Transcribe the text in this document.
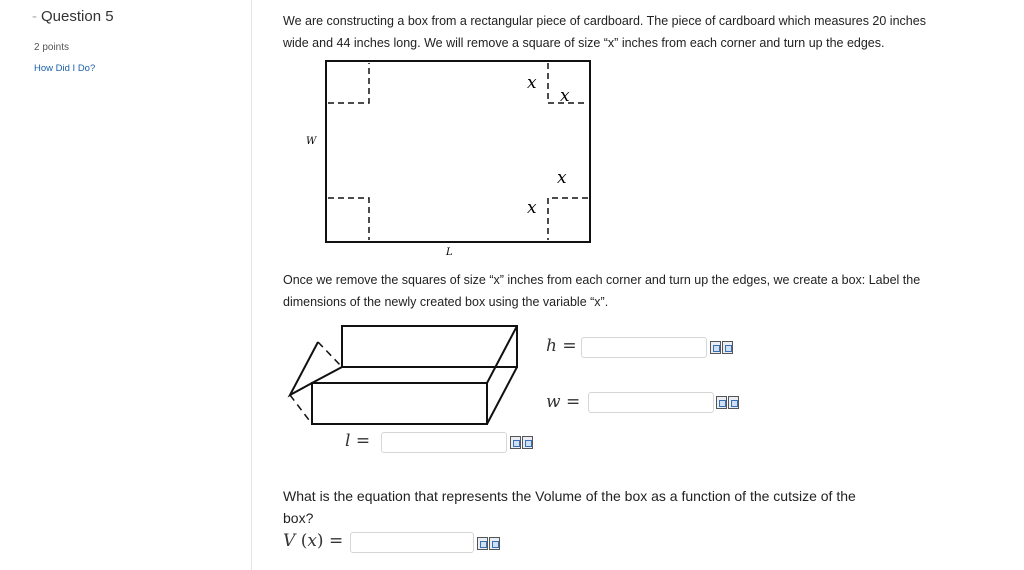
- Question 5
2 points
How Did I Do?
We are constructing a box from a rectangular piece of cardboard. The piece of cardboard which measures 20 inches
wide and 44 inches long. We will remove a square of size “x” inches from each corner and turn up the edges.
x
x
x
x
W
L
Once we remove the squares of size “x” inches from each corner and turn up the edges, we create a box: Label the
dimensions of the newly created box using the variable “x”.
h =
w =
l =
What is the equation that represents the Volume of the box as a function of the cutsize of the
box?
V (x) =
